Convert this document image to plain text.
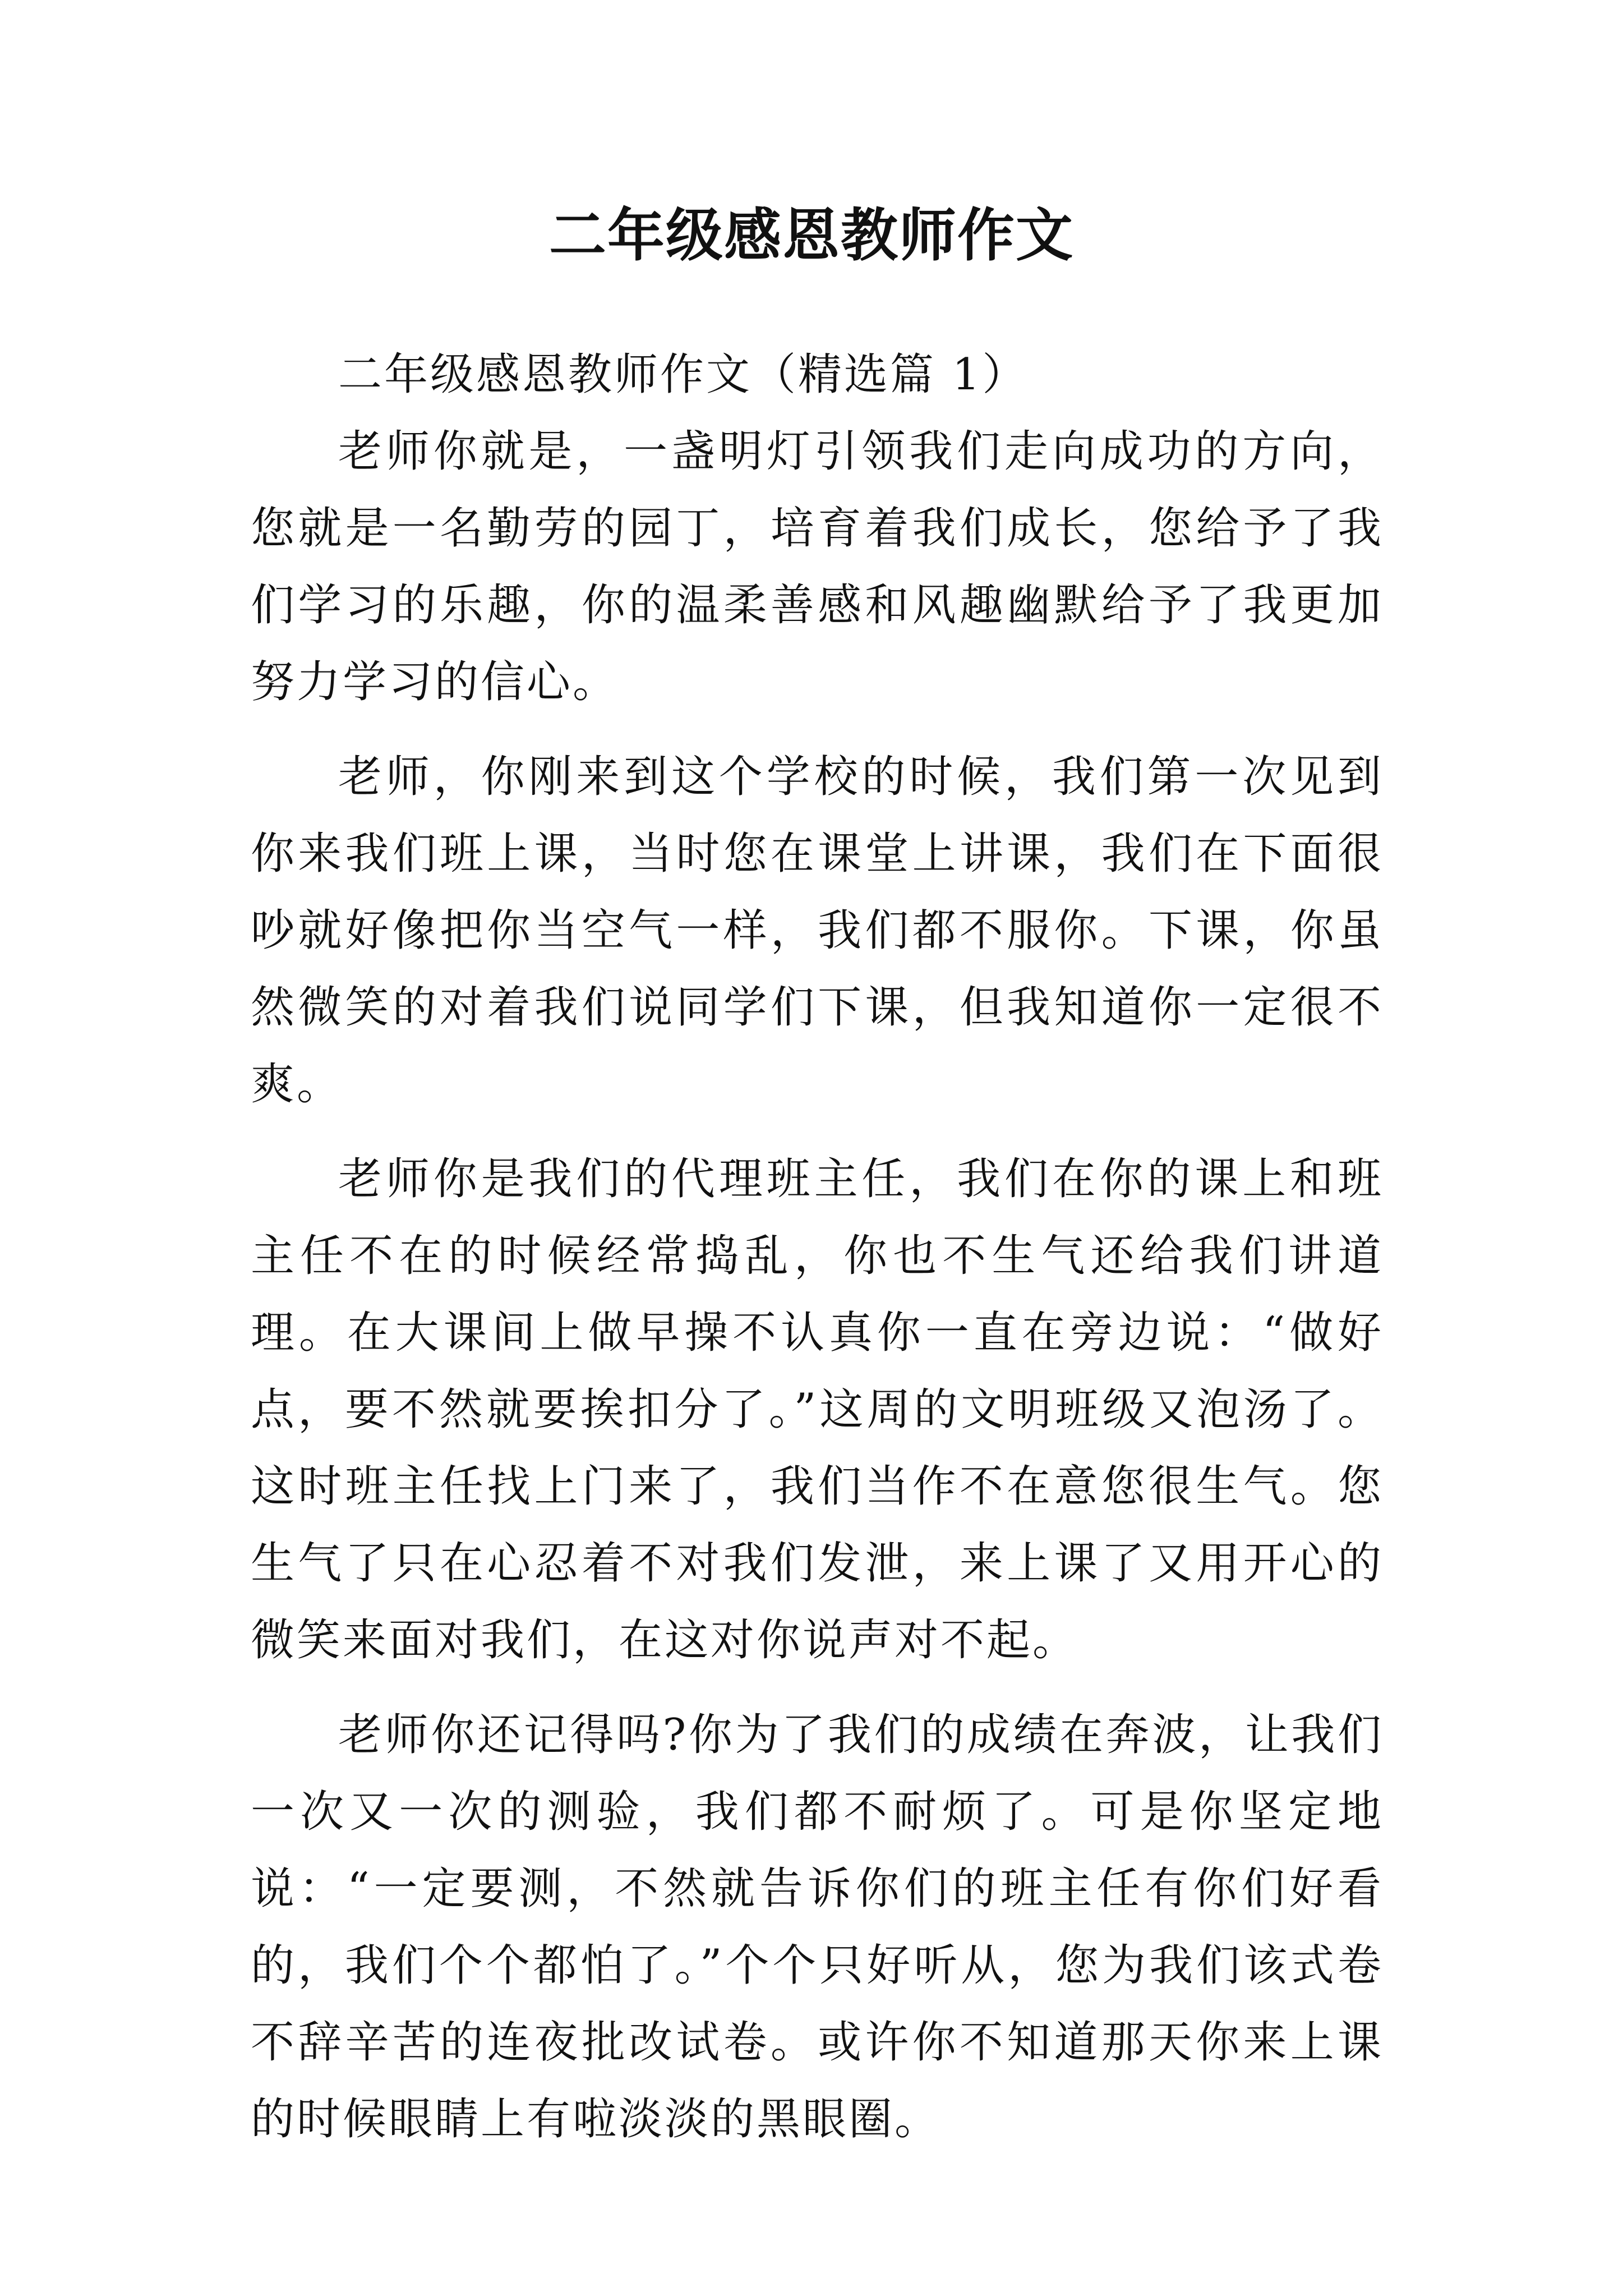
二年级感恩教师作文

二年级感恩教师作文（精选篇 1）

老师你就是，一盏明灯引领我们走向成功的方向，您就是一名勤劳的园丁，培育着我们成长，您给予了我们学习的乐趣，你的温柔善感和风趣幽默给予了我更加努力学习的信心。

老师，你刚来到这个学校的时候，我们第一次见到你来我们班上课，当时您在课堂上讲课，我们在下面很吵就好像把你当空气一样，我们都不服你。下课，你虽然微笑的对着我们说同学们下课，但我知道你一定很不爽。

老师你是我们的代理班主任，我们在你的课上和班主任不在的时候经常捣乱，你也不生气还给我们讲道理。在大课间上做早操不认真你一直在旁边说：“做好点，要不然就要挨扣分了。”这周的文明班级又泡汤了。这时班主任找上门来了，我们当作不在意您很生气。您生气了只在心忍着不对我们发泄，来上课了又用开心的微笑来面对我们，在这对你说声对不起。

老师你还记得吗?你为了我们的成绩在奔波，让我们一次又一次的测验，我们都不耐烦了。可是你坚定地说：“一定要测，不然就告诉你们的班主任有你们好看的，我们个个都怕了。”个个只好听从，您为我们该式卷不辞辛苦的连夜批改试卷。或许你不知道那天你来上课的时候眼睛上有啦淡淡的黑眼圈。
